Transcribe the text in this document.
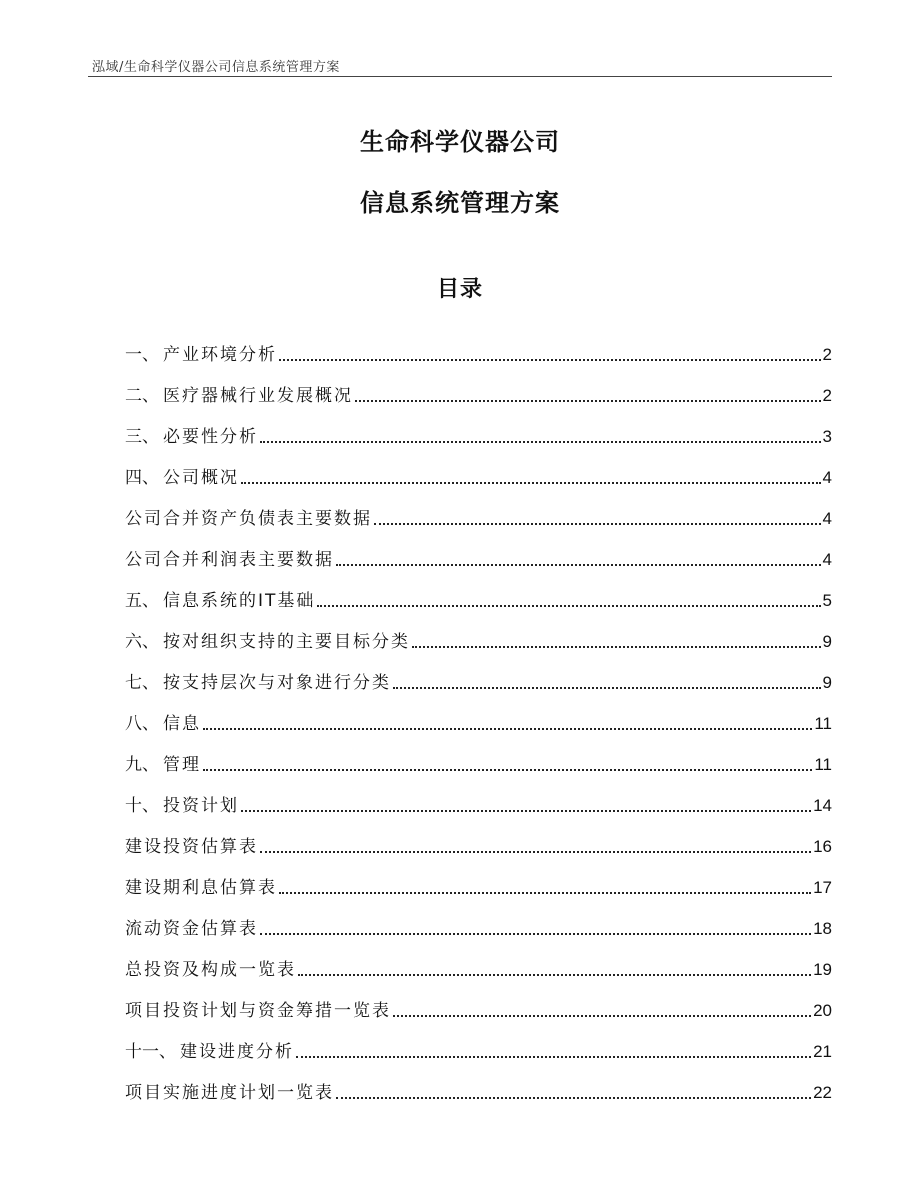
泓域/生命科学仪器公司信息系统管理方案
生命科学仪器公司
信息系统管理方案
目录
一、 产业环境分析	2
二、 医疗器械行业发展概况	2
三、 必要性分析	3
四、 公司概况	4
公司合并资产负债表主要数据	4
公司合并利润表主要数据	4
五、 信息系统的IT基础	5
六、 按对组织支持的主要目标分类	9
七、 按支持层次与对象进行分类	9
八、 信息	11
九、 管理	11
十、 投资计划	14
建设投资估算表	16
建设期利息估算表	17
流动资金估算表	18
总投资及构成一览表	19
项目投资计划与资金筹措一览表	20
十一、 建设进度分析	21
项目实施进度计划一览表	22
